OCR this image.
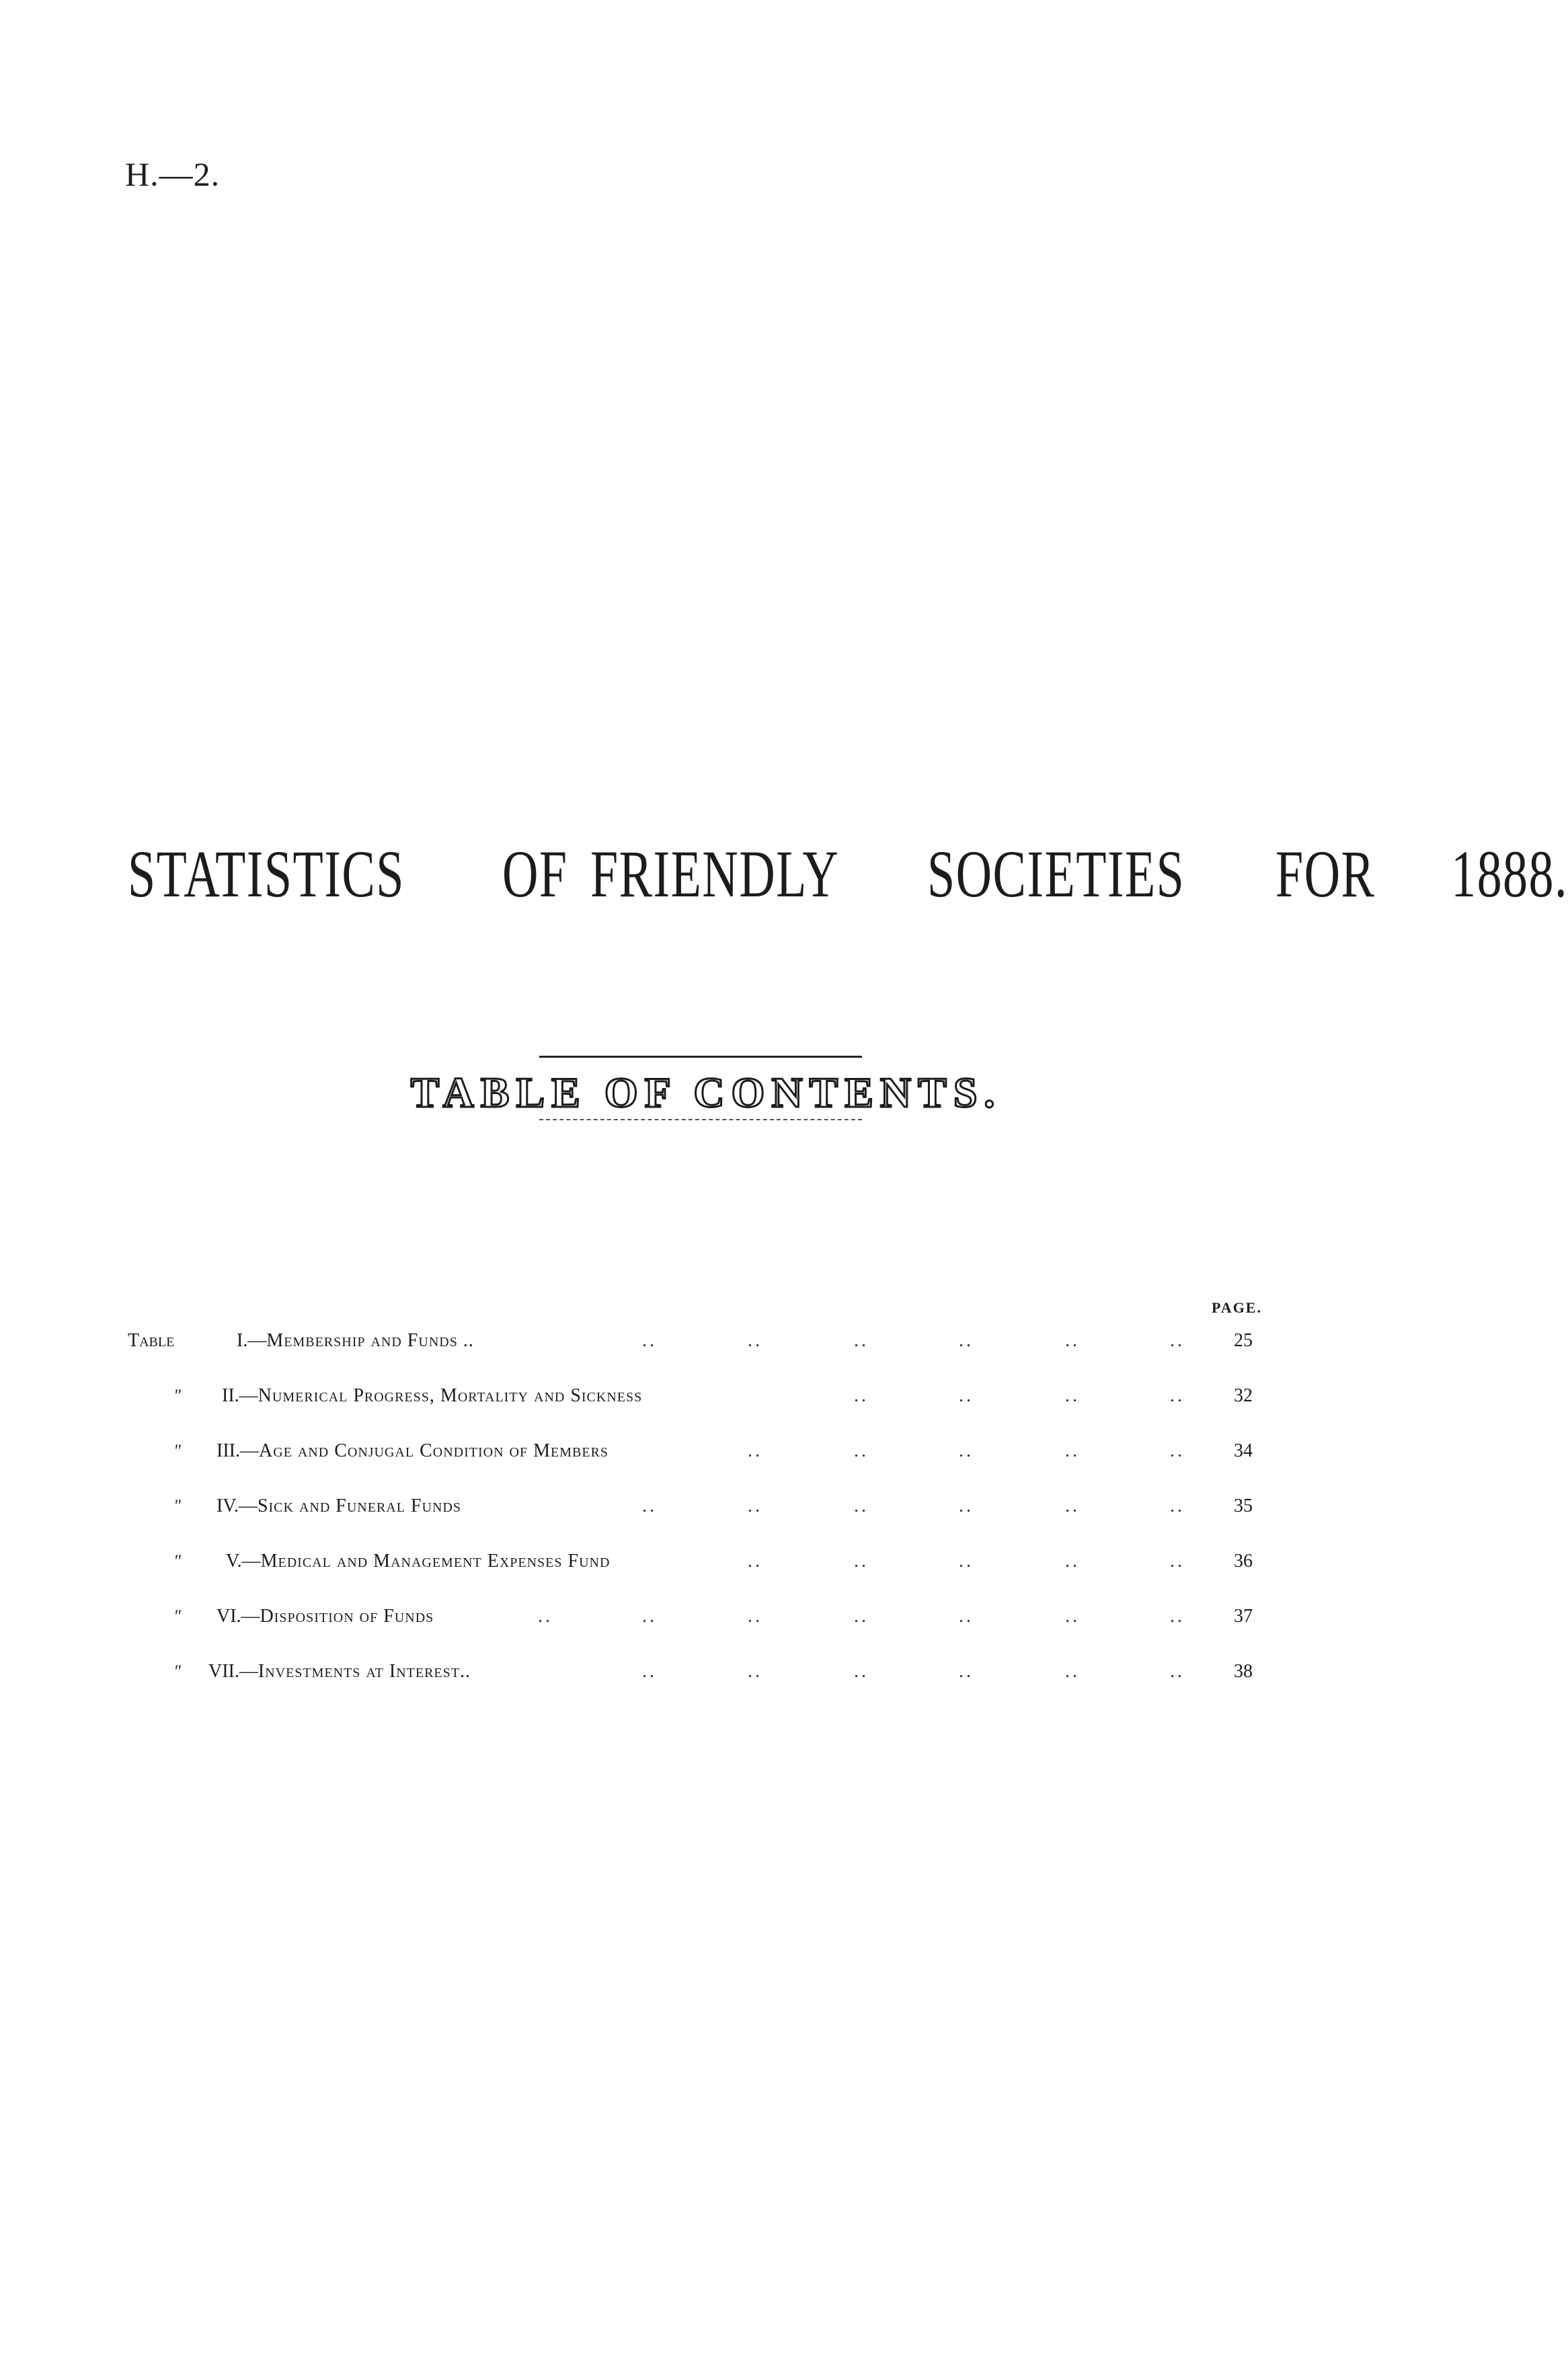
H.—2.
STATISTICS OF FRIENDLY SOCIETIES FOR 1888.
TABLE OF CONTENTS.
PAGE.
Table	I.—Membership and Funds ..	..	..	..	..	..	..	25
" II.—Numerical Progress, Mortality and Sickness	..	..	..	..	32
" III.—Age and Conjugal Condition of Members	..	..	..	..	..	34
" IV.—Sick and Funeral Funds	..	..	..	..	..	..	35
" V.—Medical and Management Expenses Fund	..	..	..	..	..	36
" VI.—Disposition of Funds	..	..	..	..	..	..	..	37
" VII.—Investments at Interest..	..	..	..	..	..	..	38
